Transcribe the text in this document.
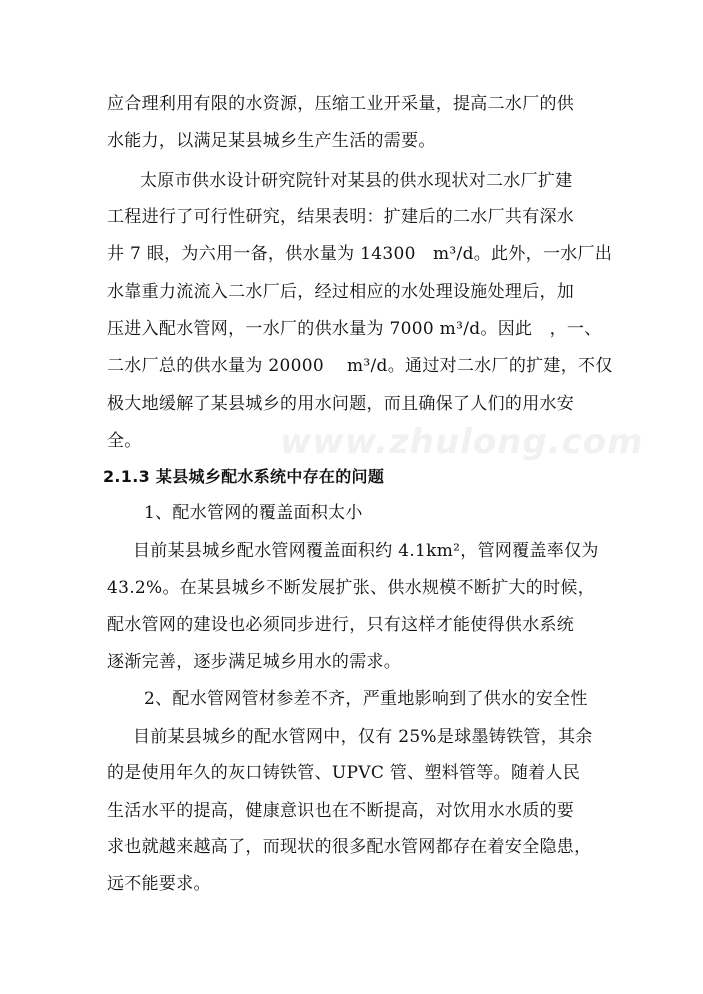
www.zhulong.com
应合理利用有限的水资源，压缩工业开采量，提高二水厂的供
水能力，以满足某县城乡生产生活的需要。
太原市供水设计研究院针对某县的供水现状对二水厂扩建
工程进行了可行性研究，结果表明：扩建后的二水厂共有深水
井 7 眼，为六用一备，供水量为 14300　m³/d。此外，一水厂出
水靠重力流流入二水厂后，经过相应的水处理设施处理后，加
压进入配水管网，一水厂的供水量为 7000 m³/d。因此　，一、
二水厂总的供水量为 20000　 m³/d。通过对二水厂的扩建，不仅
极大地缓解了某县城乡的用水问题，而且确保了人们的用水安
全。
2.1.3 某县城乡配水系统中存在的问题
1、配水管网的覆盖面积太小
目前某县城乡配水管网覆盖面积约 4.1km²，管网覆盖率仅为
43.2%。在某县城乡不断发展扩张、供水规模不断扩大的时候，
配水管网的建设也必须同步进行，只有这样才能使得供水系统
逐渐完善，逐步满足城乡用水的需求。
2、配水管网管材参差不齐，严重地影响到了供水的安全性
目前某县城乡的配水管网中，仅有 25%是球墨铸铁管，其余
的是使用年久的灰口铸铁管、UPVC 管、塑料管等。随着人民
生活水平的提高，健康意识也在不断提高，对饮用水水质的要
求也就越来越高了，而现状的很多配水管网都存在着安全隐患，
远不能要求。
